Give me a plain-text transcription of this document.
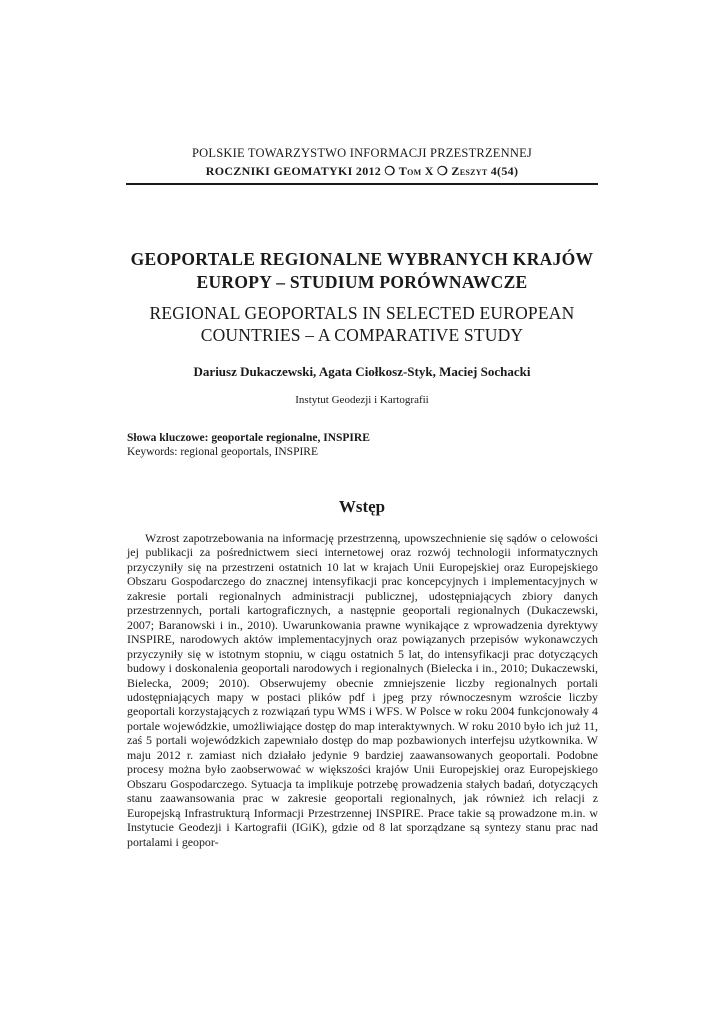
POLSKIE TOWARZYSTWO INFORMACJI PRZESTRZENNEJ
ROCZNIKI GEOMATYKI 2012 ❍ Tom X ❍ Zeszyt 4(54)
GEOPORTALE REGIONALNE WYBRANYCH KRAJÓW EUROPY – STUDIUM PORÓWNAWCZE
REGIONAL GEOPORTALS IN SELECTED EUROPEAN COUNTRIES – A COMPARATIVE STUDY
Dariusz Dukaczewski, Agata Ciołkosz-Styk, Maciej Sochacki
Instytut Geodezji i Kartografii
Słowa kluczowe: geoportale regionalne, INSPIRE
Keywords: regional geoportals, INSPIRE
Wstęp
Wzrost zapotrzebowania na informację przestrzenną, upowszechnienie się sądów o celowości jej publikacji za pośrednictwem sieci internetowej oraz rozwój technologii informatycznych przyczyniły się na przestrzeni ostatnich 10 lat w krajach Unii Europejskiej oraz Europejskiego Obszaru Gospodarczego do znacznej intensyfikacji prac koncepcyjnych i implementacyjnych w zakresie portali regionalnych administracji publicznej, udostępniających zbiory danych przestrzennych, portali kartograficznych, a następnie geoportali regionalnych (Dukaczewski, 2007; Baranowski i in., 2010). Uwarunkowania prawne wynikające z wprowadzenia dyrektywy INSPIRE, narodowych aktów implementacyjnych oraz powiązanych przepisów wykonawczych przyczyniły się w istotnym stopniu, w ciągu ostatnich 5 lat, do intensyfikacji prac dotyczących budowy i doskonalenia geoportali narodowych i regionalnych (Bielecka i in., 2010; Dukaczewski, Bielecka, 2009; 2010). Obserwujemy obecnie zmniejszenie liczby regionalnych portali udostępniających mapy w postaci plików pdf i jpeg przy równoczesnym wzroście liczby geoportali korzystających z rozwiązań typu WMS i WFS. W Polsce w roku 2004 funkcjonowały 4 portale wojewódzkie, umożliwiające dostęp do map interaktywnych. W roku 2010 było ich już 11, zaś 5 portali wojewódzkich zapewniało dostęp do map pozbawionych interfejsu użytkownika. W maju 2012 r. zamiast nich działało jedynie 9 bardziej zaawansowanych geoportali. Podobne procesy można było zaobserwować w większości krajów Unii Europejskiej oraz Europejskiego Obszaru Gospodarczego. Sytuacja ta implikuje potrzebę prowadzenia stałych badań, dotyczących stanu zaawansowania prac w zakresie geoportali regionalnych, jak również ich relacji z Europejską Infrastrukturą Informacji Przestrzennej INSPIRE. Prace takie są prowadzone m.in. w Instytucie Geodezji i Kartografii (IGiK), gdzie od 8 lat sporządzane są syntezy stanu prac nad portalami i geopor-
